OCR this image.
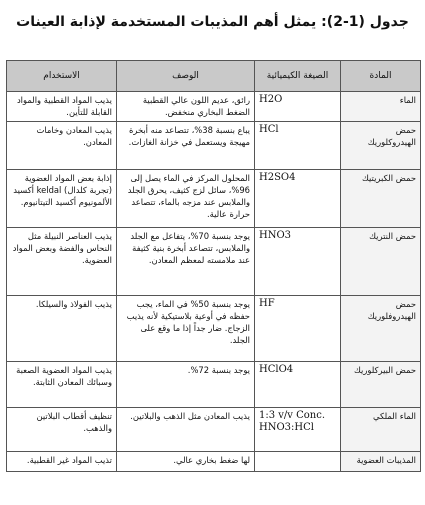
جدول (1-2): يمثل أهم المذيبات المستخدمة لإذابة العينات
المادة	الصيغة الكيميائية	الوصف	الاستخدام
الماء	H2O	رائق، عديم اللون عالي القطبية الضغط البخاري منخفض.	يذيب المواد القطبية والمواد القابلة للتأين.
حمض الهيدروكلوريك	HCl	يباع بنسبة 38%، تتصاعد منه أبخرة مهيجة ويستعمل في خزانة الغازات.	يذيب المعادن وخامات المعادن.
حمض الكبريتيك	H2SO4	المحلول المركز في الماء يصل إلى 96%، سائل لزج كثيف، يحرق الجلد والملابس عند مزجه بالماء، تتصاعد حرارة عالية.	إذابة بعض المواد العضوية (تجربة كلدال) keldal أكسيد الألمونيوم أكسيد التيتانيوم.
حمض النتريك	HNO3	يوجد بنسبة 70%، يتفاعل مع الجلد والملابس، تتصاعد أبخرة بنية كثيفة عند ملامسته لمعظم المعادن.	يذيب العناصر النبيلة مثل النحاس والفضة وبعض المواد العضوية.
حمض الهيدروفلوريك	HF	يوجد بنسبة 50% في الماء، يجب حفظه في أوعية بلاستيكية لأنه يذيب الزجاج. ضار جداً إذا ما وقع على الجلد.	يذيب الفولاذ والسيلكا.
حمض البيركلوريك	HClO4	يوجد بنسبة 72%.	يذيب المواد العضوية الصعبة وسبائك المعادن الثابتة.
الماء الملكي	1:3 v/v Conc. HNO3:HCl	يذيب المعادن مثل الذهب والبلاتين.	تنظيف أقطاب البلاتين والذهب.
المذيبات العضوية		لها ضغط بخاري عالي.	تذيب المواد غير القطبية.
